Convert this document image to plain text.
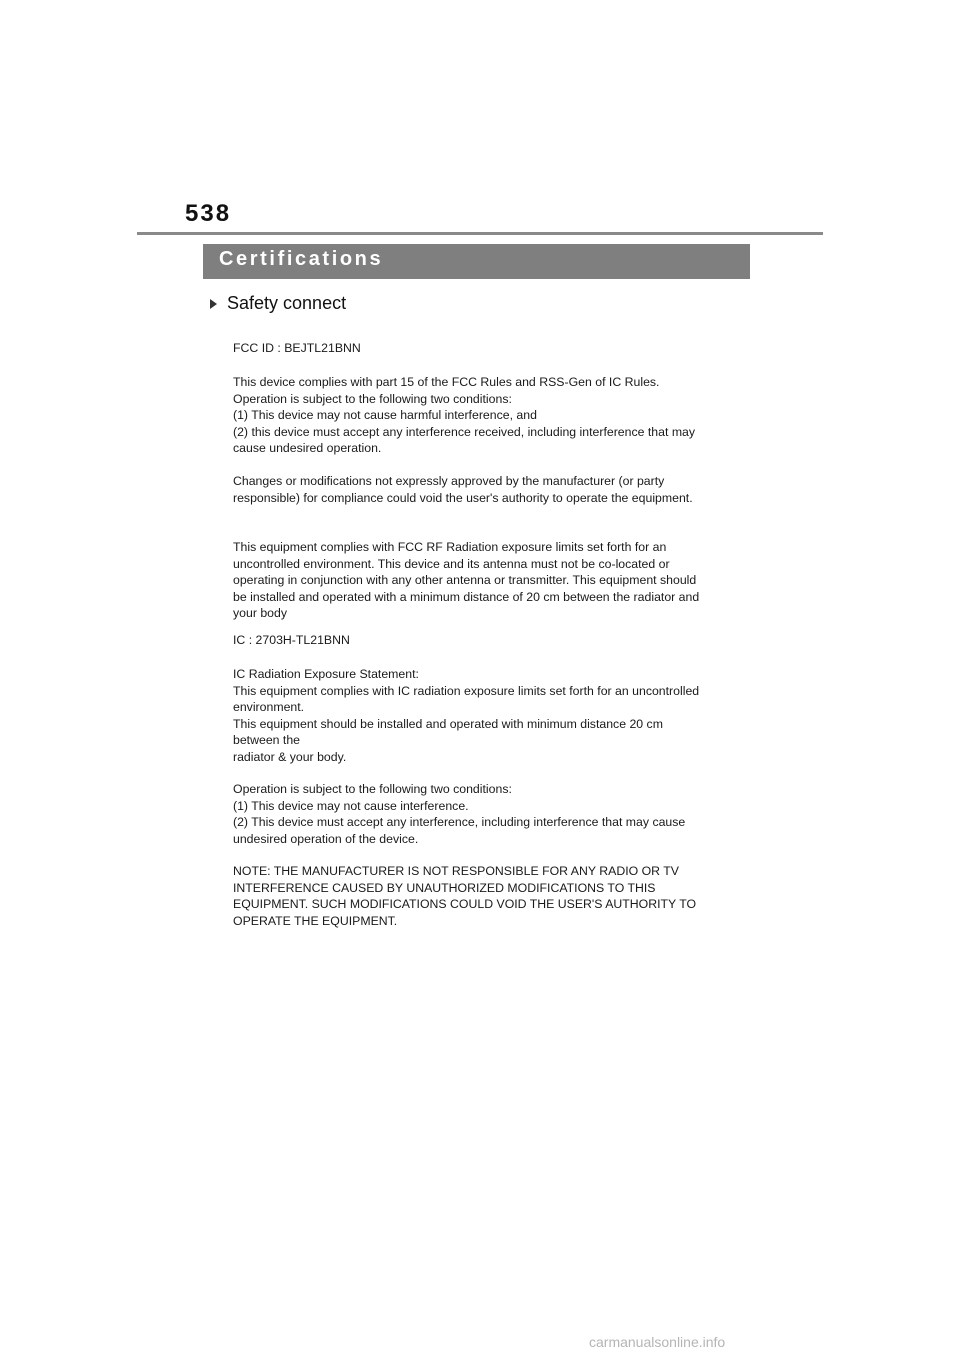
538
Certifications
Safety connect
FCC ID : BEJTL21BNN
This device complies with part 15 of the FCC Rules and RSS-Gen of IC Rules.
Operation is subject to the following two conditions:
(1) This device may not cause harmful interference, and
(2) this device must accept any interference received, including interference that may
cause undesired operation.
Changes or modifications not expressly approved by the manufacturer (or party
responsible) for compliance could void the user's authority to operate the equipment.
This equipment complies with FCC RF Radiation exposure limits set forth for an
uncontrolled environment. This device and its antenna must not be co-located or
operating in conjunction with any other antenna or transmitter. This equipment should
be installed and operated with a minimum distance of 20 cm between the radiator and
your body
IC : 2703H-TL21BNN
IC Radiation Exposure Statement:
This equipment complies with IC radiation exposure limits set forth for an uncontrolled
environment.
This equipment should be installed and operated with minimum distance 20 cm
between the
radiator & your body.
Operation is subject to the following two conditions:
(1) This device may not cause interference.
(2) This device must accept any interference, including interference that may cause
undesired operation of the device.
NOTE: THE MANUFACTURER IS NOT RESPONSIBLE FOR ANY RADIO OR TV
INTERFERENCE CAUSED BY UNAUTHORIZED MODIFICATIONS TO THIS
EQUIPMENT. SUCH MODIFICATIONS COULD VOID THE USER'S AUTHORITY TO
OPERATE THE EQUIPMENT.
carmanualsonline.info
